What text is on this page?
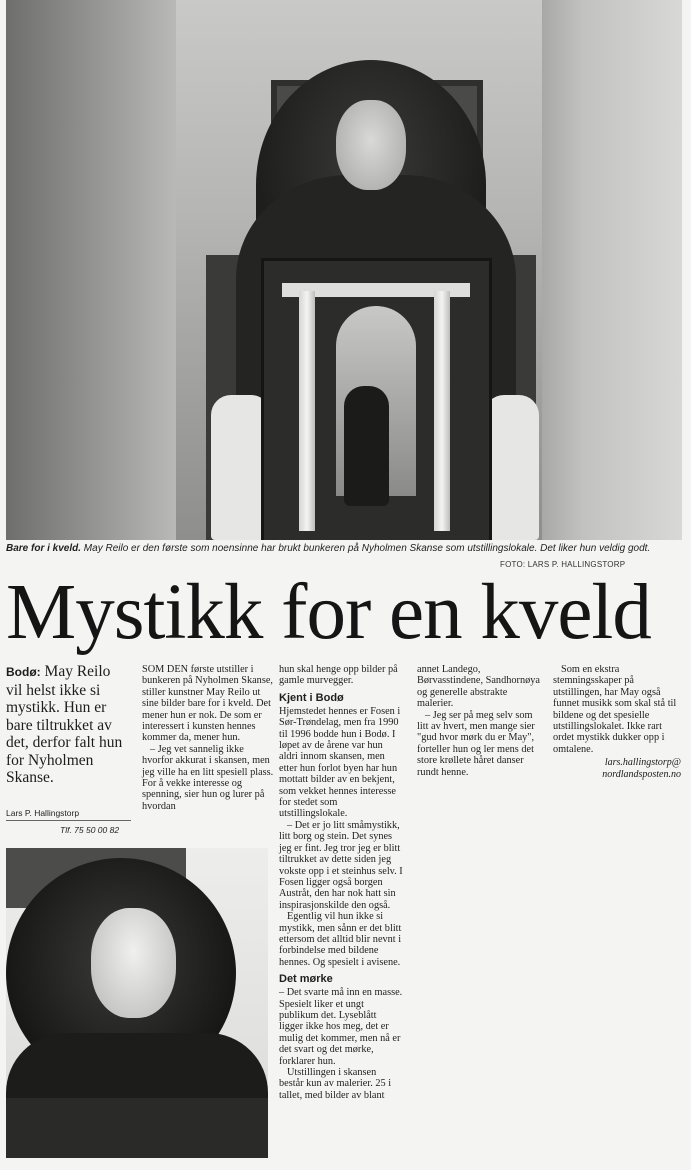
Bare for i kveld. May Reilo er den første som noensinne har brukt bunkeren på Nyholmen Skanse som utstillingslokale. Det liker hun veldig godt.
FOTO: LARS P. HALLINGSTORP
Mystikk for en kveld
Bodø: May Reilo vil helst ikke si mystikk. Hun er bare tiltrukket av det, derfor falt hun for Nyholmen Skanse.
Lars P. Hallingstorp
Tlf. 75 50 00 82

SOM DEN første utstiller i bunkeren på Nyholmen Skanse, stiller kunstner May Reilo ut sine bilder bare for i kveld. Det mener hun er nok. De som er interessert i kunsten hennes kommer da, mener hun.

– Jeg vet sannelig ikke hvorfor akkurat i skansen, men jeg ville ha en litt spesiell plass. For å vekke interesse og spenning, sier hun og lurer på hvordan

hun skal henge opp bilder på gamle murvegger.

Kjent i Bodø

Hjemstedet hennes er Fosen i Sør-Trøndelag, men fra 1990 til 1996 bodde hun i Bodø. I løpet av de årene var hun aldri innom skansen, men etter hun forlot byen har hun mottatt bilder av en bekjent, som vekket hennes interesse for stedet som utstillingslokale.

– Det er jo litt småmystikk, litt borg og stein. Det synes jeg er fint. Jeg tror jeg er blitt tiltrukket av dette siden jeg vokste opp i et steinhus selv. I Fosen ligger også borgen Austråt, den har nok hatt sin inspirasjonskilde den også.

Egentlig vil hun ikke si mystikk, men sånn er det blitt ettersom det alltid blir nevnt i forbindelse med bildene hennes. Og spesielt i avisene.

Det mørke

– Det svarte må inn en masse. Spesielt liker et ungt publikum det. Lyseblått ligger ikke hos meg, det er mulig det kommer, men nå er det svart og det mørke, forklarer hun.

Utstillingen i skansen består kun av malerier. 25 i tallet, med bilder av blant

annet Landego, Børvasstindene, Sandhornøya og generelle abstrakte malerier.

– Jeg ser på meg selv som litt av hvert, men mange sier "gud hvor mørk du er May", forteller hun og ler mens det store krøllete håret danser rundt henne.

Som en ekstra stemningsskaper på utstillingen, har May også funnet musikk som skal stå til bildene og det spesielle utstillingslokalet. Ikke rart ordet mystikk dukker opp i omtalene.

lars.hallingstorp@
nordlandsposten.no
